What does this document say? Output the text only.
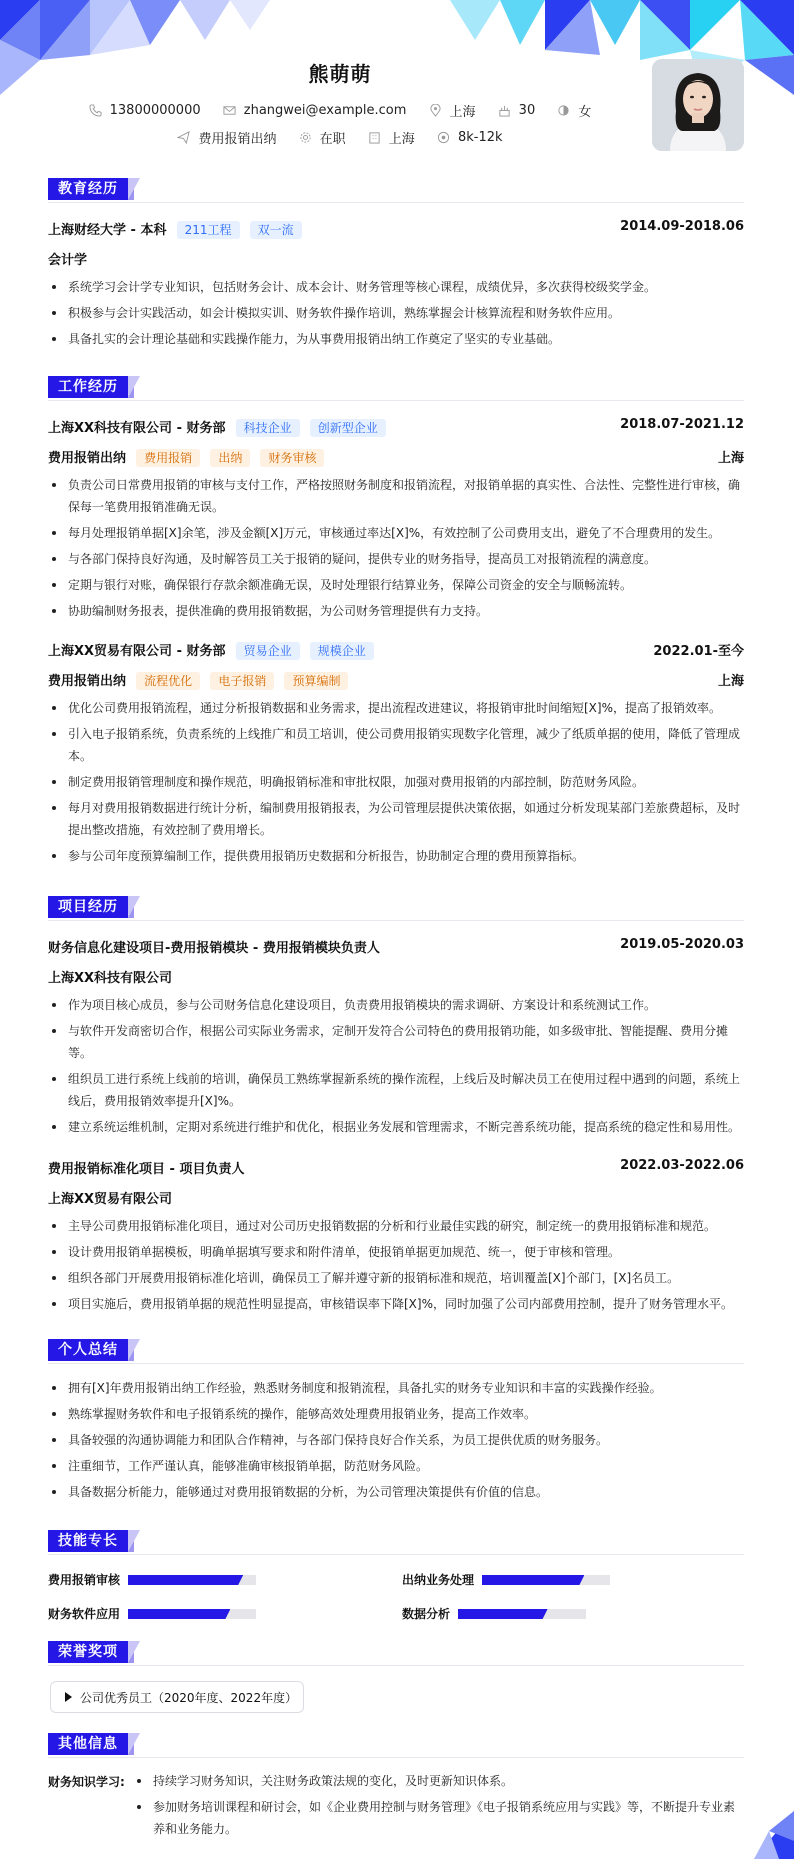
熊萌萌
13800000000
	zhangwei@example.com
	上海
	30
	女
费用报销出纳
	在职
	上海
	8k-12k
教育经历
上海财经大学 - 本科 211工程 双一流	2014.09-2018.06
会计学
系统学习会计学专业知识，包括财务会计、成本会计、财务管理等核心课程，成绩优异，多次获得校级奖学金。
积极参与会计实践活动，如会计模拟实训、财务软件操作培训，熟练掌握会计核算流程和财务软件应用。
具备扎实的会计理论基础和实践操作能力，为从事费用报销出纳工作奠定了坚实的专业基础。
工作经历
上海XX科技有限公司 - 财务部 科技企业 创新型企业	2018.07-2021.12
费用报销出纳 费用报销 出纳 财务审核	上海
负责公司日常费用报销的审核与支付工作，严格按照财务制度和报销流程，对报销单据的真实性、合法性、完整性进行审核，确保每一笔费用报销准确无误。
每月处理报销单据[X]余笔，涉及金额[X]万元，审核通过率达[X]%，有效控制了公司费用支出，避免了不合理费用的发生。
与各部门保持良好沟通，及时解答员工关于报销的疑问，提供专业的财务指导，提高员工对报销流程的满意度。
定期与银行对账，确保银行存款余额准确无误，及时处理银行结算业务，保障公司资金的安全与顺畅流转。
协助编制财务报表，提供准确的费用报销数据，为公司财务管理提供有力支持。
上海XX贸易有限公司 - 财务部 贸易企业 规模企业	2022.01-至今
费用报销出纳 流程优化 电子报销 预算编制	上海
优化公司费用报销流程，通过分析报销数据和业务需求，提出流程改进建议，将报销审批时间缩短[X]%，提高了报销效率。
引入电子报销系统，负责系统的上线推广和员工培训，使公司费用报销实现数字化管理，减少了纸质单据的使用，降低了管理成本。
制定费用报销管理制度和操作规范，明确报销标准和审批权限，加强对费用报销的内部控制，防范财务风险。
每月对费用报销数据进行统计分析，编制费用报销报表，为公司管理层提供决策依据，如通过分析发现某部门差旅费超标，及时提出整改措施，有效控制了费用增长。
参与公司年度预算编制工作，提供费用报销历史数据和分析报告，协助制定合理的费用预算指标。
项目经历
财务信息化建设项目-费用报销模块 - 费用报销模块负责人	2019.05-2020.03
上海XX科技有限公司
作为项目核心成员，参与公司财务信息化建设项目，负责费用报销模块的需求调研、方案设计和系统测试工作。
与软件开发商密切合作，根据公司实际业务需求，定制开发符合公司特色的费用报销功能，如多级审批、智能提醒、费用分摊等。
组织员工进行系统上线前的培训，确保员工熟练掌握新系统的操作流程，上线后及时解决员工在使用过程中遇到的问题，系统上线后，费用报销效率提升[X]%。
建立系统运维机制，定期对系统进行维护和优化，根据业务发展和管理需求，不断完善系统功能，提高系统的稳定性和易用性。
费用报销标准化项目 - 项目负责人	2022.03-2022.06
上海XX贸易有限公司
主导公司费用报销标准化项目，通过对公司历史报销数据的分析和行业最佳实践的研究，制定统一的费用报销标准和规范。
设计费用报销单据模板，明确单据填写要求和附件清单，使报销单据更加规范、统一，便于审核和管理。
组织各部门开展费用报销标准化培训，确保员工了解并遵守新的报销标准和规范，培训覆盖[X]个部门，[X]名员工。
项目实施后，费用报销单据的规范性明显提高，审核错误率下降[X]%，同时加强了公司内部费用控制，提升了财务管理水平。
个人总结
拥有[X]年费用报销出纳工作经验，熟悉财务制度和报销流程，具备扎实的财务专业知识和丰富的实践操作经验。
熟练掌握财务软件和电子报销系统的操作，能够高效处理费用报销业务，提高工作效率。
具备较强的沟通协调能力和团队合作精神，与各部门保持良好合作关系，为员工提供优质的财务服务。
注重细节，工作严谨认真，能够准确审核报销单据，防范财务风险。
具备数据分析能力，能够通过对费用报销数据的分析，为公司管理决策提供有价值的信息。
技能专长
费用报销审核	出纳业务处理
财务软件应用	数据分析
荣誉奖项
公司优秀员工（2020年度、2022年度）
其他信息
财务知识学习:	持续学习财务知识，关注财务政策法规的变化，及时更新知识体系。
参加财务培训课程和研讨会，如《企业费用控制与财务管理》《电子报销系统应用与实践》等，不断提升专业素养和业务能力。
